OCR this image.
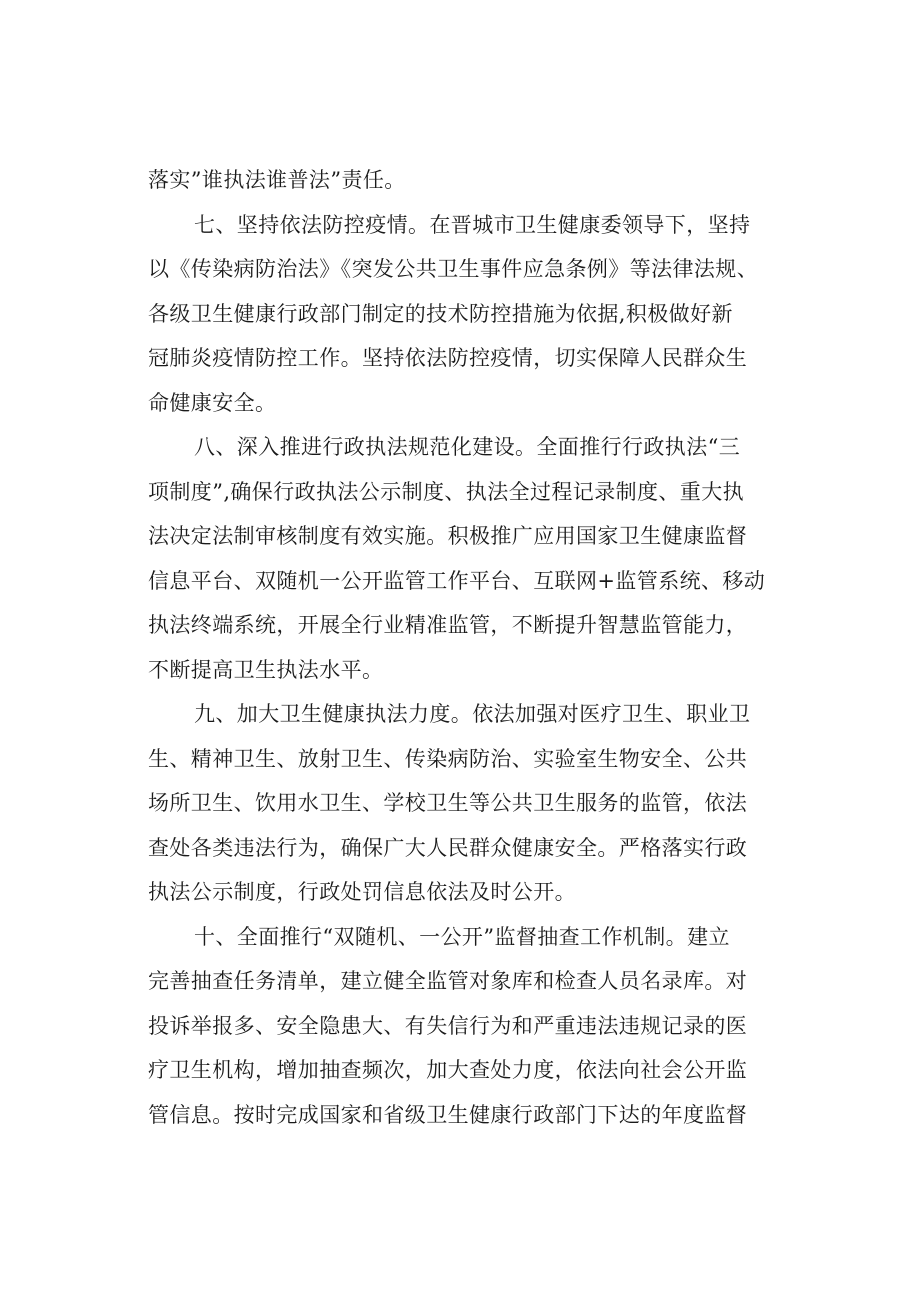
落实”谁执法谁普法”责任。

七、坚持依法防控疫情。在晋城市卫生健康委领导下，坚持
以《传染病防治法》《突发公共卫生事件应急条例》等法律法规、
各级卫生健康行政部门制定的技术防控措施为依据,积极做好新
冠肺炎疫情防控工作。坚持依法防控疫情，切实保障人民群众生
命健康安全。

八、深入推进行政执法规范化建设。全面推行行政执法“三
项制度”,确保行政执法公示制度、执法全过程记录制度、重大执
法决定法制审核制度有效实施。积极推广应用国家卫生健康监督
信息平台、双随机一公开监管工作平台、互联网+监管系统、移动
执法终端系统，开展全行业精准监管，不断提升智慧监管能力，
不断提高卫生执法水平。

九、加大卫生健康执法力度。依法加强对医疗卫生、职业卫
生、精神卫生、放射卫生、传染病防治、实验室生物安全、公共
场所卫生、饮用水卫生、学校卫生等公共卫生服务的监管，依法
查处各类违法行为，确保广大人民群众健康安全。严格落实行政
执法公示制度，行政处罚信息依法及时公开。

十、全面推行“双随机、一公开”监督抽查工作机制。建立
完善抽查任务清单，建立健全监管对象库和检查人员名录库。对
投诉举报多、安全隐患大、有失信行为和严重违法违规记录的医
疗卫生机构，增加抽查频次，加大查处力度，依法向社会公开监
管信息。按时完成国家和省级卫生健康行政部门下达的年度监督
